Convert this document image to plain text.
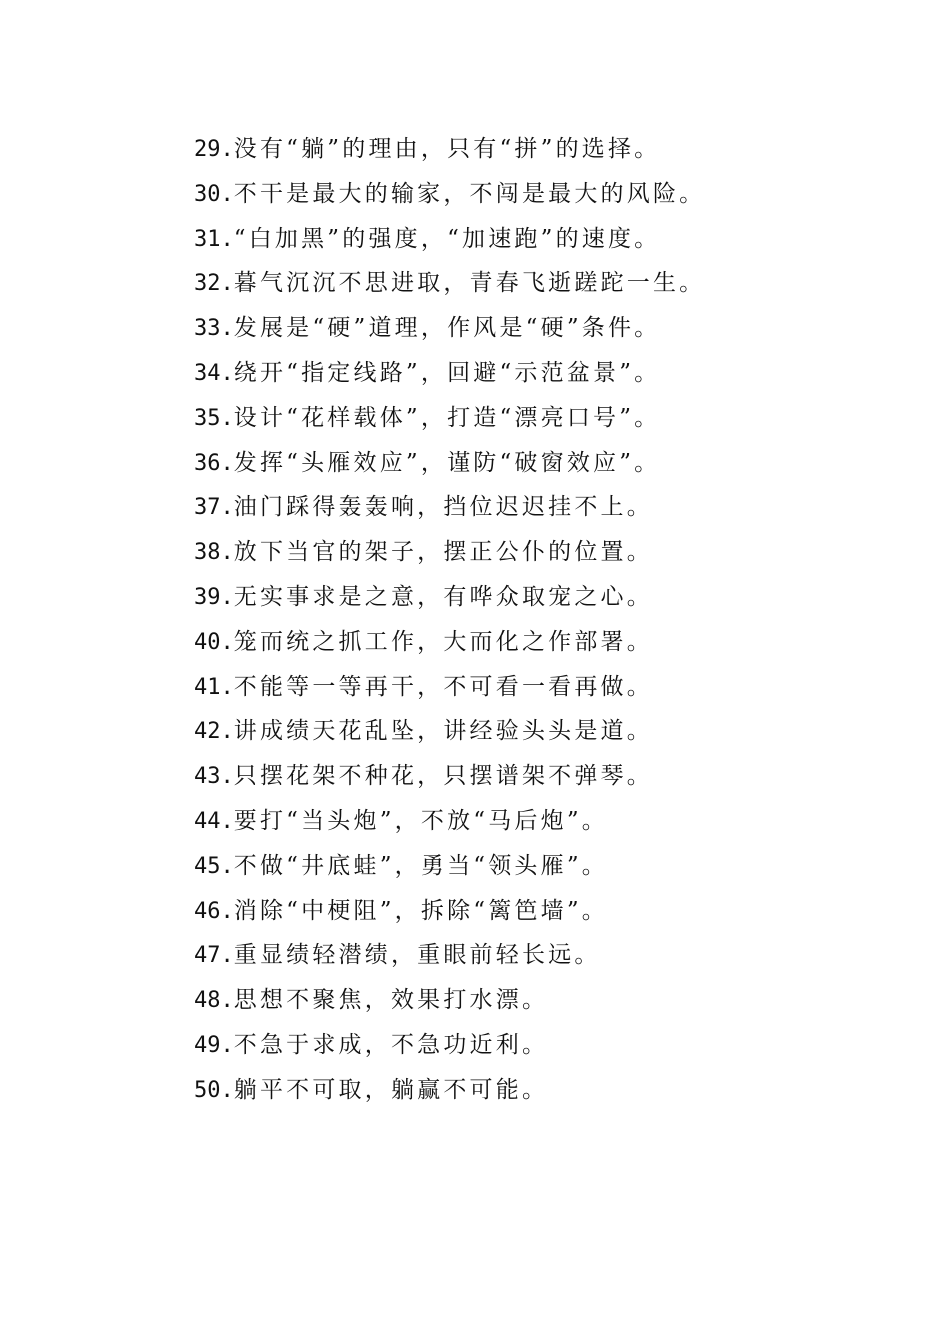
29.没有“躺”的理由，只有“拼”的选择。
30.不干是最大的输家，不闯是最大的风险。
31.“白加黑”的强度，“加速跑”的速度。
32.暮气沉沉不思进取，青春飞逝蹉跎一生。
33.发展是“硬”道理，作风是“硬”条件。
34.绕开“指定线路”，回避“示范盆景”。
35.设计“花样载体”，打造“漂亮口号”。
36.发挥“头雁效应”，谨防“破窗效应”。
37.油门踩得轰轰响，挡位迟迟挂不上。
38.放下当官的架子，摆正公仆的位置。
39.无实事求是之意，有哗众取宠之心。
40.笼而统之抓工作，大而化之作部署。
41.不能等一等再干，不可看一看再做。
42.讲成绩天花乱坠，讲经验头头是道。
43.只摆花架不种花，只摆谱架不弹琴。
44.要打“当头炮”，不放“马后炮”。
45.不做“井底蛙”，勇当“领头雁”。
46.消除“中梗阻”，拆除“篱笆墙”。
47.重显绩轻潜绩，重眼前轻长远。
48.思想不聚焦，效果打水漂。
49.不急于求成，不急功近利。
50.躺平不可取，躺赢不可能。
